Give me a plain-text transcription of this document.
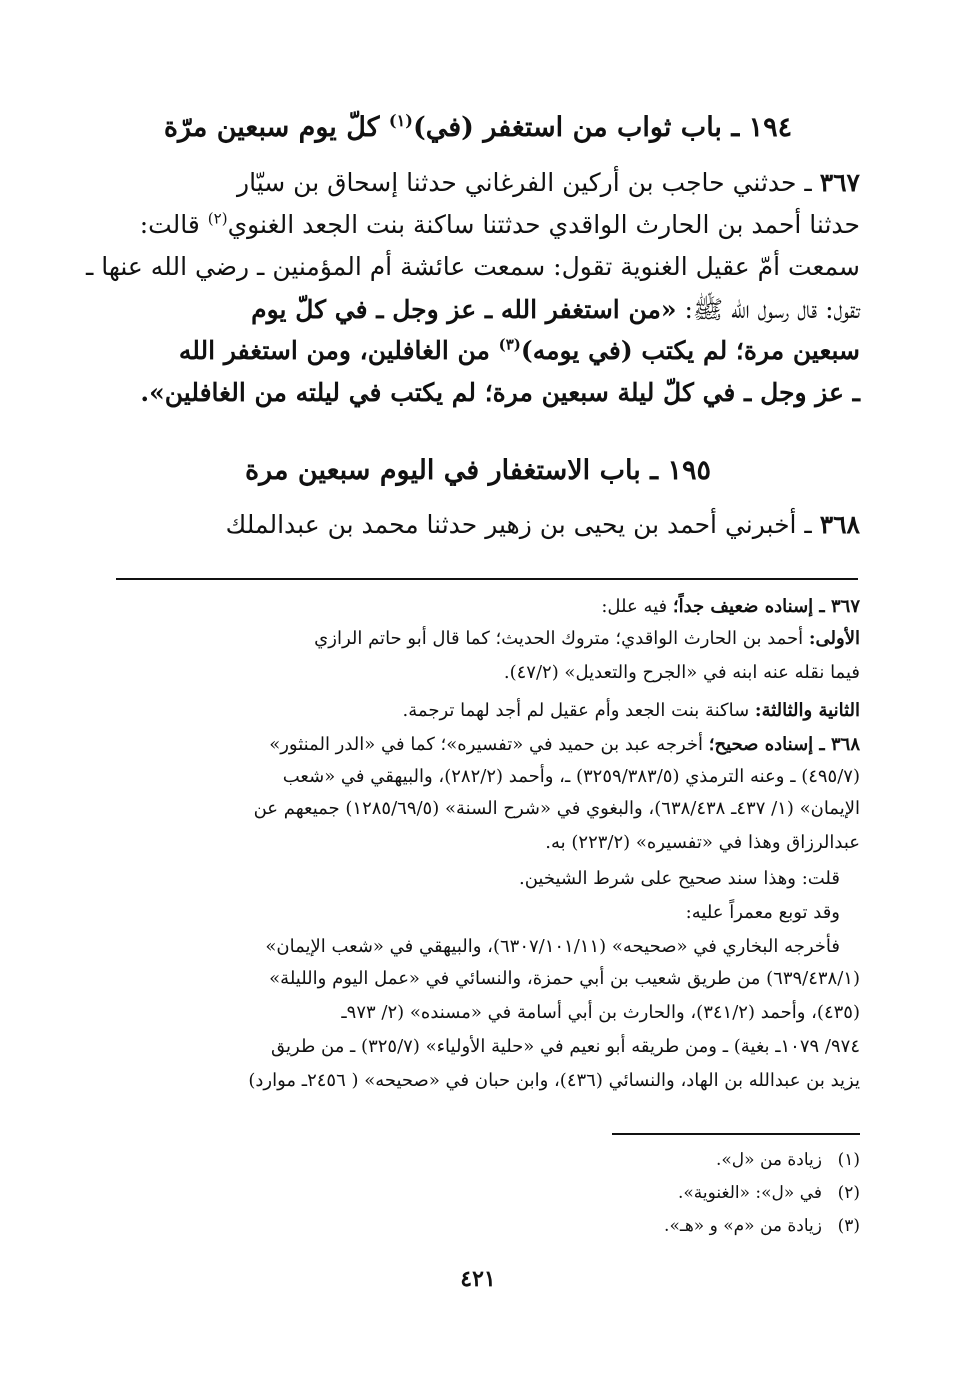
١٩٤ ـ باب ثواب من استغفر (في)$^{(١)}$ كلّ يوم سبعين مرّة
٣٦٧ ـ حدثني حاجب بن أركين الفرغاني حدثنا إسحاق بن سيّار
حدثنا أحمد بن الحارث الواقدي حدثتنا ساكنة بنت الجعد الغنوي$^{(٢)}$ قالت:
سمعت أمّ عقيل الغنوية تقول: سمعت عائشة أم المؤمنين ـ رضي الله عنها ـ
تقول: قال رسول الله ﷺ: «من استغفر الله ـ عز وجل ـ في كلّ يوم
سبعين مرة؛ لم يكتب (في يومه)$^{(٣)}$ من الغافلين، ومن استغفر الله
ـ عز وجل ـ في كلّ ليلة سبعين مرة؛ لم يكتب في ليلته من الغافلين».
١٩٥ ـ باب الاستغفار في اليوم سبعين مرة
٣٦٨ ـ أخبرني أحمد بن يحيى بن زهير حدثنا محمد بن عبدالملك
٣٦٧ ـ إسناده ضعيف جداً؛ فيه علل:
الأولى: أحمد بن الحارث الواقدي؛ متروك الحديث؛ كما قال أبو حاتم الرازي
فيما نقله عنه ابنه في «الجرح والتعديل» (٤٧/٢).
الثانية والثالثة: ساكنة بنت الجعد وأم عقيل لم أجد لهما ترجمة.
٣٦٨ ـ إسناده صحيح؛ أخرجه عبد بن حميد في «تفسيره»؛ كما في «الدر المنثور»
(٤٩٥/٧) ـ وعنه الترمذي (٣٢٥٩/٣٨٣/٥) ـ، وأحمد (٢٨٢/٢)، والبيهقي في «شعب
الإيمان» (١/ ٤٣٧ـ ٦٣٨/٤٣٨)، والبغوي في «شرح السنة» (١٢٨٥/٦٩/٥) جميعهم عن
عبدالرزاق وهذا في «تفسيره» (٢٢٣/٢) به.
قلت: وهذا سند صحيح على شرط الشيخين.
وقد توبع معمراً عليه:
فأخرجه البخاري في «صحيحه» (٦٣٠٧/١٠١/١١)، والبيهقي في «شعب الإيمان»
(٦٣٩/٤٣٨/١) من طريق شعيب بن أبي حمزة، والنسائي في «عمل اليوم والليلة»
(٤٣٥)، وأحمد (٣٤١/٢)، والحارث بن أبي أسامة في «مسنده» (٢/ ٩٧٣ـ
٩٧٤/ ١٠٧٩ـ بغية) ـ ومن طريقه أبو نعيم في «حلية الأولياء» (٣٢٥/٧) ـ من طريق
يزيد بن عبدالله بن الهاد، والنسائي (٤٣٦)، وابن حبان في «صحيحه» ( ٢٤٥٦ـ موارد)
(١)زيادة من «ل».
(٢)في «ل»: «الغنوية».
(٣)زيادة من «م» و «هـ».
٤٢١
